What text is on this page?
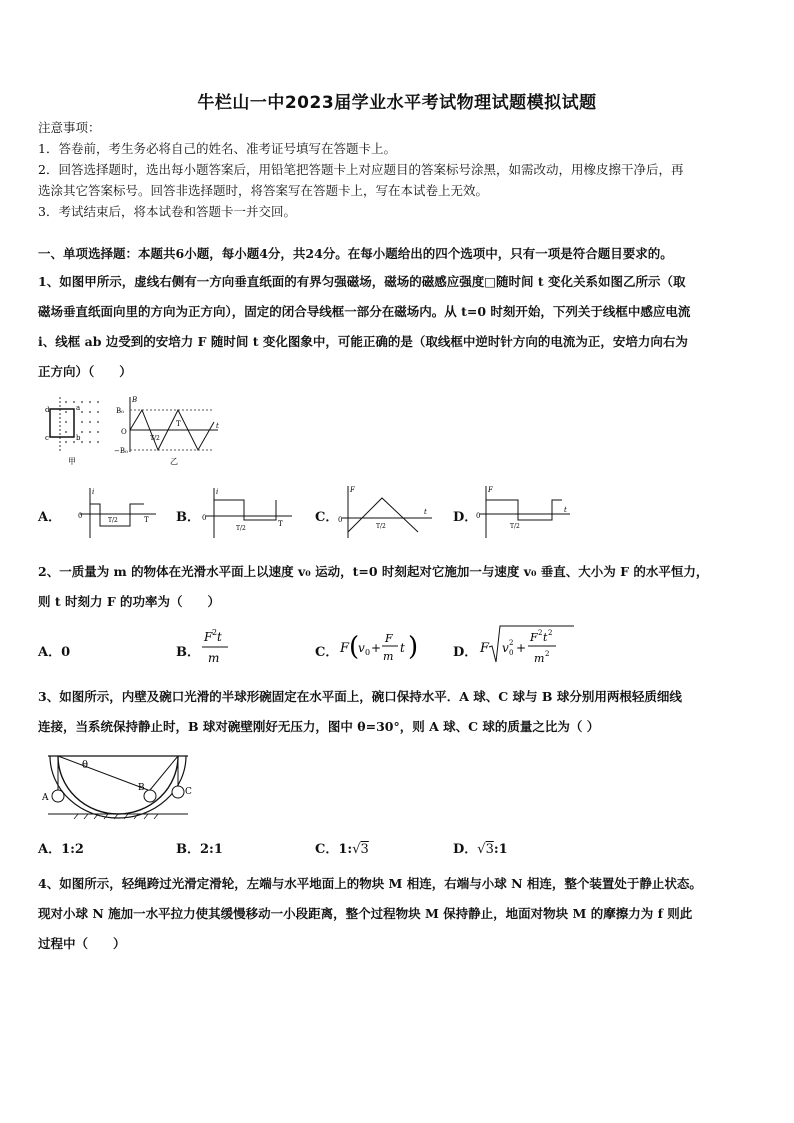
牛栏山一中2023届学业水平考试物理试题模拟试题
注意事项：
1．答卷前，考生务必将自己的姓名、准考证号填写在答题卡上。
2．回答选择题时，选出每小题答案后，用铅笔把答题卡上对应题目的答案标号涂黑，如需改动，用橡皮擦干净后，再
选涂其它答案标号。回答非选择题时，将答案写在答题卡上，写在本试卷上无效。
3．考试结束后，将本试卷和答题卡一并交回。
一、单项选择题：本题共6小题，每小题4分，共24分。在每小题给出的四个选项中，只有一项是符合题目要求的。
1、如图甲所示，虚线右侧有一方向垂直纸面的有界匀强磁场，磁场的磁感应强度□随时间 t 变化关系如图乙所示（取
磁场垂直纸面向里的方向为正方向），固定的闭合导线框一部分在磁场内。从 t=0 时刻开始，下列关于线框中感应电流
i、线框 ab 边受到的安培力 F 随时间 t 变化图象中，可能正确的是（取线框中逆时针方向的电流为正，安培力向右为
正方向）（　　）
d
c
a
b
甲
B
B₀
−B₀
O
T/2
T	t
乙
A．
i
0
T/2	T B．
i
0
T/2
T C．
F
0
T/2
t D．
F
0
T/2
t
2、一质量为 m 的物体在光滑水平面上以速度 v₀ 运动，t=0 时刻起对它施加一与速度 v₀ 垂直、大小为 F 的水平恒力，
则 t 时刻力 F 的功率为（　　）
A．0	B．
F 2 t
m	C． F (
v 0 +
F
m
t )	D． F v 2
0 +
F 2 t 2
m 2
3、如图所示，内壁及碗口光滑的半球形碗固定在水平面上，碗口保持水平．A 球、C 球与 B 球分别用两根轻质细线
连接，当系统保持静止时，B 球对碗壁刚好无压力，图中 θ=30°，则 A 球、C 球的质量之比为（ ）
A
B	C
θ
A．1:2	B．2:1	C．1:√3	D．√3:1
4、如图所示，轻绳跨过光滑定滑轮，左端与水平地面上的物块 M 相连，右端与小球 N 相连，整个装置处于静止状态。
现对小球 N 施加一水平拉力使其缓慢移动一小段距离，整个过程物块 M 保持静止，地面对物块 M 的摩擦力为 f 则此
过程中（　　）
